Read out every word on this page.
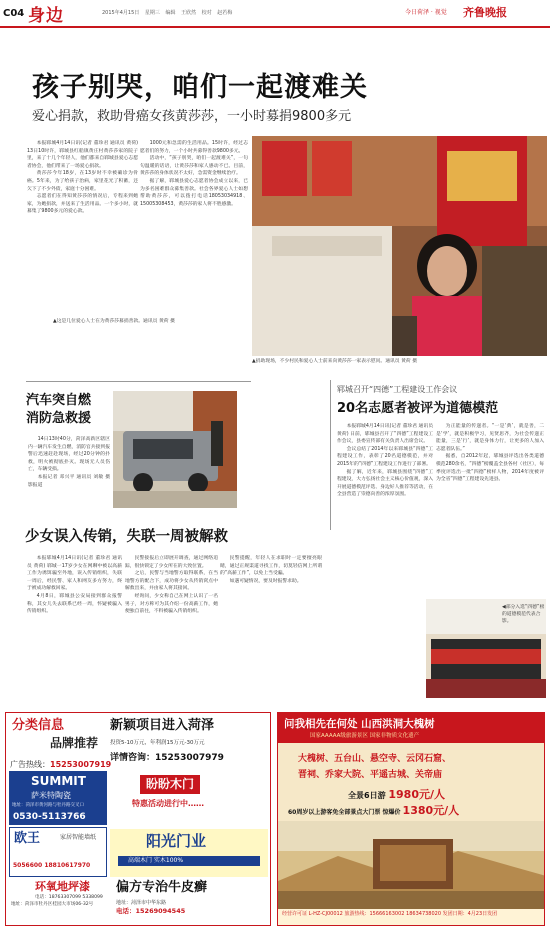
C04 身边	2015年4月15日 星期三 编辑 王欣然 校对 赵若梅	今日荷泽 · 视觉 齐鲁晚报
孩子别哭，咱们一起渡难关
爱心捐款，救助骨癌女孩黄莎莎，一小时募捐9800多元

本报郓城4月14日讯(记者 董珍君 通讯员 黄荷) 13日10时许，郓城县红船镇黄庄村黄莎莎家的院子里，来了十几个年轻人，他们都来自郓城县爱心志愿者协会，他们带来了一场爱心捐款。

黄莎莎今年18岁，在13岁时不幸被确诊为骨癌。5年来，为了给孩子治病，家里花光了积蓄，还欠下了不少外债，家庭十分困难。

志愿者们在得知黄莎莎的情况后，专程来到她家，为她捐款，并送来了生活用品。一个多小时，就募集了9800多元的爱心款。

1000元和急需的生活用品。15时许，经过志愿者们的努力，一个小时共募得善款9800多元。

活动中，“孩子别哭，咱们一起渡难关”，一句句温暖的话语，让黄莎莎和家人感动不已。目前，黄莎莎的身体状况不太好，急需资金继续治疗。

据了解，郓城县爱心志愿者协会成立以来，已为多名困难群众募集善款。社会各界爱心人士如想帮助黄莎莎，可以拨打电话18053034918、15005308453，黄莎莎的家人将不胜感激。

▲这是几位爱心人士在为黄莎莎募捐善款。通讯员 黄荷 摄
▲捐助现场，不少村民和爱心人士前来向黄莎莎一家表示慰问。通讯员 黄荷 摄
汽车突自燃
消防急救援

14日13时40分，菏泽高新区辖区内一辆汽车发生自燃，消防官兵接到报警后迅速赶赴现场，经过20分钟的扑救，明火被彻底扑灭。现场无人员伤亡，车辆受损。

本报记者 邓兴平 通讯员 刘敏 摄影报道

郓城召开“四德”工程建设工作会议
20名志愿者被评为道德模范

本报郓城4月14日讯(记者 董珍君 通讯员 黄荷) 日前，郓城县召开了“四德”工程建设工作会议，县委宣传部有关负责人出席会议。

会议总结了2014年以来郓城县“四德”工程建设工作，表彰了20名道德模范，并对2015年的“四德”工程建设工作进行了部署。

据了解，近年来，郓城县围绕“四德”工程建设，大力弘扬社会主义核心价值观，深入开展道德模范评选、身边好人推荐等活动，在全县营造了崇德向善的浓厚氛围。

为正能量的传递者。“一是‘典’，就是善，二是‘学’，就是积极学习，见贤思齐，为社会传递正能量，三是‘行’，就是身体力行，让更多的人加入志愿者队伍。”

据悉，自2012年起，郓城县评选出各类道德模范280余名，“四德”榜覆盖全县各村（社区），每季度评选出一批“四德”榜样人物，2014年度被评为全省“四德”工程建设先进县。

◀部分入选“四德”榜的道德模范代表合影。
少女误入传销，失联一周被解救

本报郓城4月14日讯(记者 董珍君 通讯员 黄荷) 郓城一17岁少女在网聊中被以高薪工作为诱饵骗至外地，误入传销组织，失联一周后，经民警、家人和网友多方努力，终于被成功解救回家。

4月8日，郓城县公安局接到群众报警称，其女儿失去联系已经一周，怀疑被骗入传销组织。

民警接报后立即展开调查，通过网络追踪，很快锁定了少女所在的大致位置。

之后，民警与当地警方取得联系，在当地警方的配合下，成功将少女从传销窝点中解救出来，并由家人将其接回。

经询问，少女称自己在网上认识了一名男子，对方称可为其介绍一份高薪工作，她便独自前往，不料被骗入传销组织。

民警提醒，年轻人在求职时一定要擅亮眼睛，通过正规渠道寻找工作，切莫轻信网上所谓的“高薪工作”，以免上当受骗。

如遇可疑情况，要及时报警求助。

分类信息
品牌推荐
广告热线：15253007919
SUMMIT
萨米特陶瓷
地址：菏泽市黄河路与牡丹路交叉口
0530-5113766
欧王	家居智能墙纸
5056600 18810617970
环氧地坪漆
电话：18763307099 5338099
地址：菏泽市牡丹区桂园大市场06-32号
新颖项目进入菏泽
投资5-10万元，年利润15万元-30万元
详情咨询：15253007979
盼盼木门
特惠活动进行中……
阳光门业
高端木门 实木100%
偏方专治牛皮癣
地址：菏泽市中华东路
电话：15269094545
问我相先在何处 山西洪洞大槐树
国家AAAAA级旅游景区 国家非物质文化遗产
大槐树、五台山、悬空寺、云冈石窟、
晋祠、乔家大院、平遥古城、关帝庙
全景6日游 1980元/人
60周岁以上游客免全部景点大门票 惊爆价 1380元/人
经营许可证 L-HZ-CJ00012 旅游热线：15666163002 18634738020 发团日期：4月23日发团
